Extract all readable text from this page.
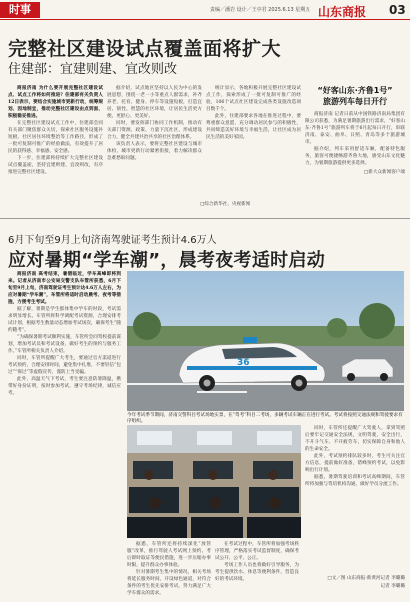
时事	责编／潘岩 设计／王亭君 2025.6.13 星期五 山东商报 03
完整社区建设试点覆盖面将扩大
住建部：宜建则建、宜改则改

商报济南 为什么要开展完整社区建设试点、试点工作将如何推进？住建部有关负责人12日表示，要结合实施城市更新行动，统筹规划、因地制宜，推动完整社区建设由点到面、积极稳妥推进。

在完整社区建设试点工作中，住建部会同有关部门聚焦群众关切，探索社区服务设施补短板、社区居住环境整治等工作路径，形成了一批可复制可推广的经验做法，有效提升了居民的获得感、幸福感、安全感。

下一步，住建部将持续扩大完整社区建设试点覆盖面，坚持宜建则建、宜改则改，有序推进完整社区建设。

据介绍，试点地区坚持以人民为中心的发展思想，围绕一老一小等重点人群需求，补齐养老、托育、健身、停车等设施短板，打造宜居、韧性、智慧的社区环境，让居民生活更方便、更舒心、更美好。

同时，要发挥部门协同工作机制，推动有关部门资源、政策、力量下沉社区，形成建设合力，健全共建共治共享的社区治理体系。

该负责人表示，要将完整社区建设与城市体检、城市更新行动紧密衔接，着力解决群众急难愁盼问题。

统计显示，各地积极开展完整社区建设试点工作，探索形成了一批可复制可推广的经验，106个试点社区建设完成各类设施改造项目数千个。

此外，住建部要求各地在推进过程中，要尊重群众意愿，充分调动居民参与的积极性，共同缔造美好环境与幸福生活，让社区成为居民生活的美好家园。

□综合新华社、央视新闻
“好客山东·齐鲁1号”
旅游列车每日开行

商报济南 记者日前从中国铁路济南局集团有限公司获悉，为满足暑期旅游出行需求，“好客山东·齐鲁1号”旅游列车将于6月起每日开行，串联济南、泰安、曲阜、日照、青岛等多个旅游城市。

据介绍，列车采用舒适车厢，配备特色服务，旅客可便捷畅游齐鲁大地，感受山东文化魅力，为暑期旅游提供更多选择。

□新大众新闻客户端
6月下旬至9月上旬济南驾驶证考生预计4.6万人
应对暑期“学车潮”，晨考夜考适时启动

商报济南 高考结束，暑假临近，学车高峰即将到来。记者从济南市公安局交警支队车管所获悉，6月下旬至9月上旬，济南驾驶证考生预计达4.6万人左右，为应对暑期“学车潮”，车管所将适时启动晨考、夜考等措施，方便考生考试。

据了解，暑期是学生群体集中学车的时段，考试需求明显增长。车管所将科学调配考试资源，合理安排考试计划，根据考生数量动态增加考试场次，确保考生“随约随考”。

“为确保暑期考试顺利实施，车管所会同驾校提前谋划，增加考试员和考试设备，做好考生的预约与服务工作。”车管所相关负责人介绍。

同时，车管所提醒广大考生，要通过官方渠道进行考试预约，合理安排时间，避免集中扎堆，不要轻信“包过”“保过”等虚假宣传，谨防上当受骗。

此外，高温天气下考试，考生要注意防暑降温，携带好身份证明，按时参加考试，遵守考场纪律，诚信应考。

36
今年考试季节期间，济南交警科目考试场地实景，在“驾考”科目二考场，多辆考试车辆正在进行考试。考试将按照交通法规和驾驶要求有序组织。

据悉，车管所还将持续深化“放管服”改革，推行驾驶人考试网上预约、考后即时取证等便民措施，进一步压缩办事时限，提升群众办事体验。

针对暑期考生集中的情况，相关考场将延长服务时间，开设绿色通道，对符合条件的考生优先安排考试，努力满足广大学车群众的需求。

在考试过程中，车管所将加强考场秩序管理，严格落实考试监督制度，确保考试公开、公平、公正。

考场工作人员也将做好引导服务，为考生提供饮水、休息等便利条件，营造良好的考试环境。

同时，车管所还提醒广大驾驶人，拿到驾照后要牢记交通安全法规，文明驾驶，安全出行，不开斗气车、不开疲劳车，切实保障自身和他人的生命安全。

此外，考试预约排队较多时，考生可关注官方信息，提前做好准备，错峰预约考试，以免影响出行计划。

据悉，暑期驾驶培训和考试高峰期间，车管所将加强与驾培机构沟通，做好学员分流工作。

□文／图 山东商报·新黄河记者 李璐璐
记者 李璐璐
